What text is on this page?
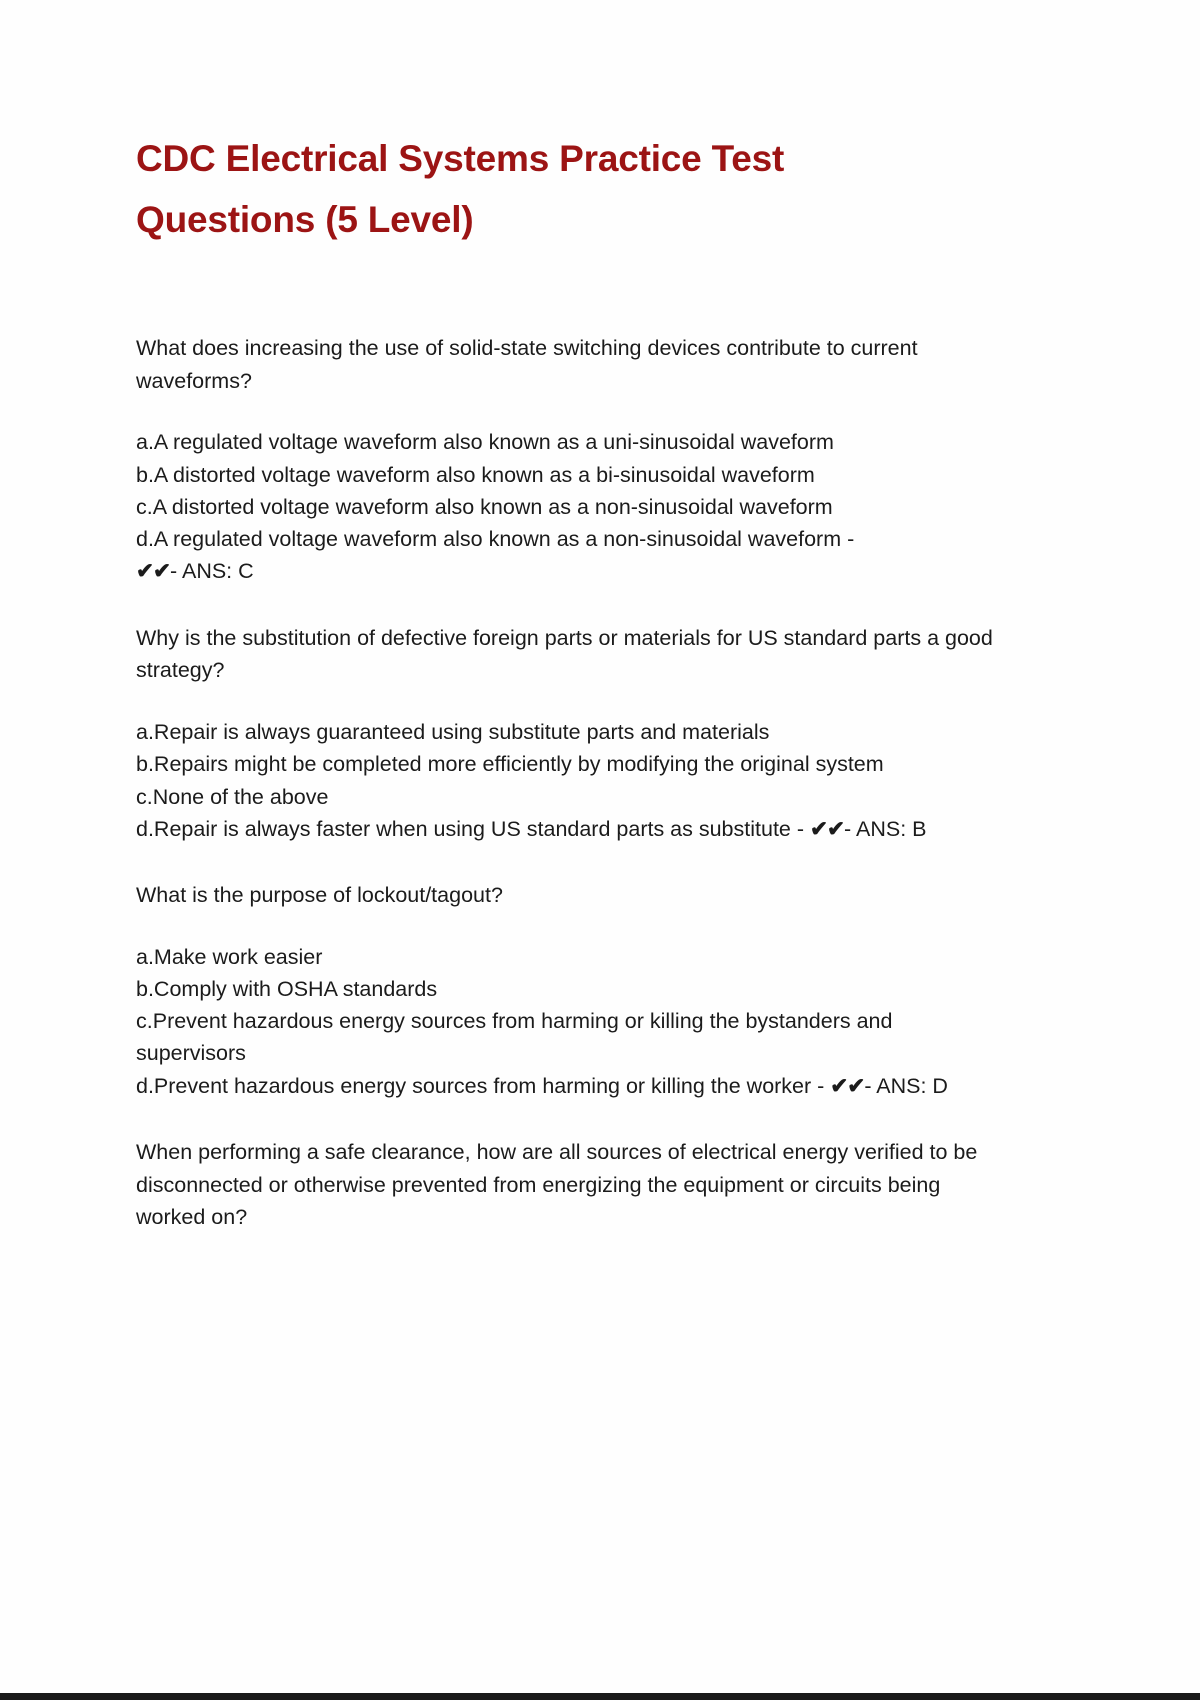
CDC Electrical Systems Practice Test Questions (5 Level)

What does increasing the use of solid-state switching devices contribute to current waveforms?

a.A regulated voltage waveform also known as a uni-sinusoidal waveform
b.A distorted voltage waveform also known as a bi-sinusoidal waveform
c.A distorted voltage waveform also known as a non-sinusoidal waveform
d.A regulated voltage waveform also known as a non-sinusoidal waveform -
✔✔- ANS: C

Why is the substitution of defective foreign parts or materials for US standard parts a good strategy?

a.Repair is always guaranteed using substitute parts and materials
b.Repairs might be completed more efficiently by modifying the original system
c.None of the above
d.Repair is always faster when using US standard parts as substitute - ✔✔- ANS: B

What is the purpose of lockout/tagout?

a.Make work easier
b.Comply with OSHA standards
c.Prevent hazardous energy sources from harming or killing the bystanders and supervisors
d.Prevent hazardous energy sources from harming or killing the worker - ✔✔- ANS: D

When performing a safe clearance, how are all sources of electrical energy verified to be disconnected or otherwise prevented from energizing the equipment or circuits being worked on?
